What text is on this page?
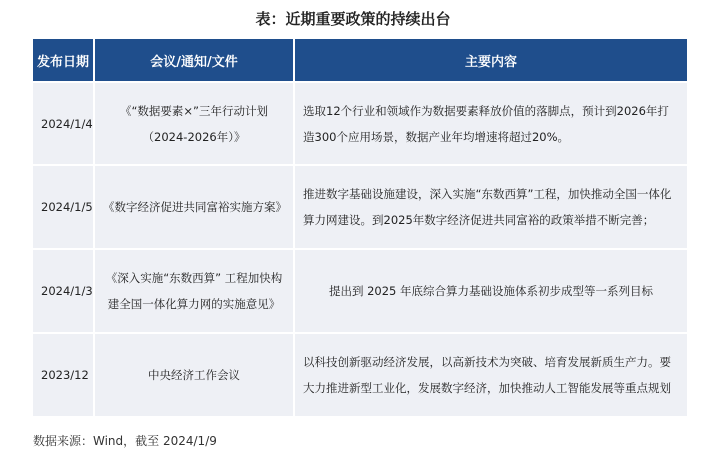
表：近期重要政策的持续出台
发布日期	会议/通知/文件	主要内容
2024/1/4	《“数据要素×”三年行动计划（2024-2026年）》	选取12个行业和领域作为数据要素释放价值的落脚点，预计到2026年打造300个应用场景，数据产业年均增速将超过20%。
2024/1/5	《数字经济促进共同富裕实施方案》	推进数字基础设施建设，深入实施“东数西算”工程，加快推动全国一体化算力网建设。到2025年数字经济促进共同富裕的政策举措不断完善；
2024/1/3	《深入实施“东数西算” 工程加快构建全国一体化算力网的实施意见》	提出到 2025 年底综合算力基础设施体系初步成型等一系列目标
2023/12	中央经济工作会议	以科技创新驱动经济发展，以高新技术为突破、培育发展新质生产力。要大力推进新型工业化，发展数字经济，加快推动人工智能发展等重点规划
数据来源：Wind，截至 2024/1/9
